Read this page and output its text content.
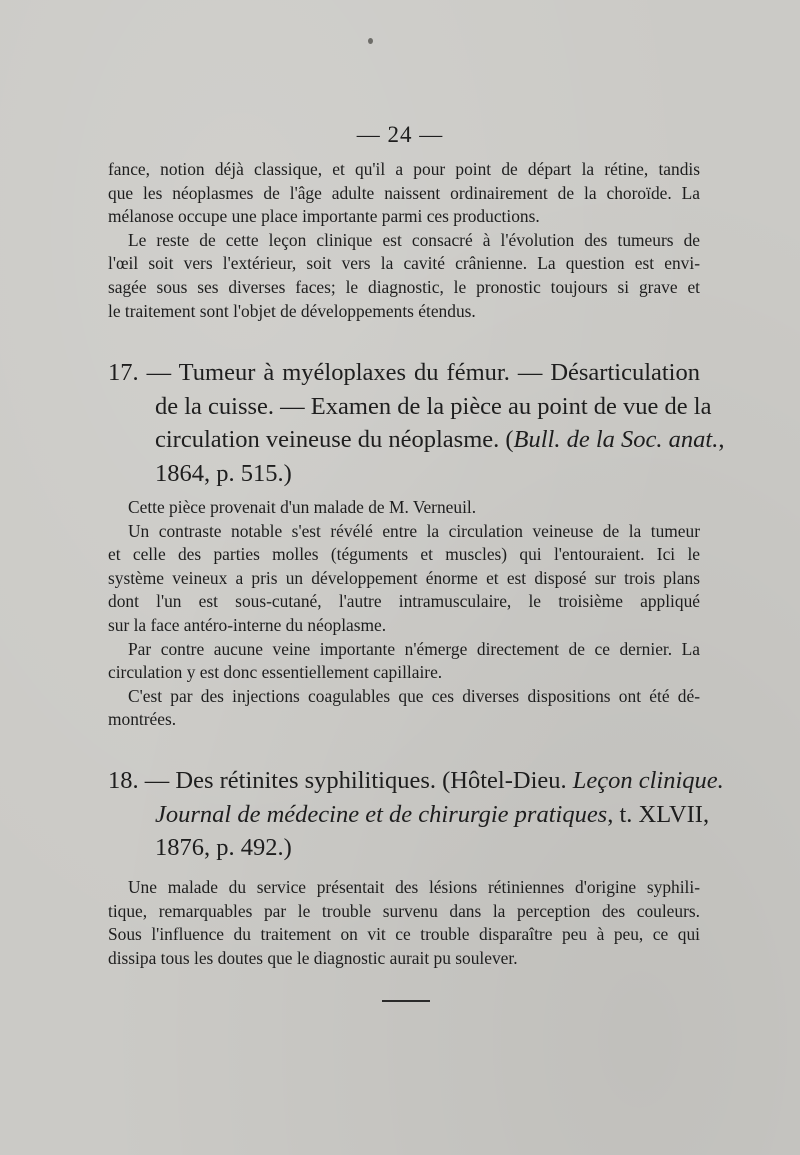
— 24 —
fance, notion déjà classique, et qu'il a pour point de départ la rétine, tandis
que les néoplasmes de l'âge adulte naissent ordinairement de la choroïde. La
mélanose occupe une place importante parmi ces productions.
Le reste de cette leçon clinique est consacré à l'évolution des tumeurs de
l'œil soit vers l'extérieur, soit vers la cavité crânienne. La question est envi-
sagée sous ses diverses faces; le diagnostic, le pronostic toujours si grave et
le traitement sont l'objet de développements étendus.
17. — Tumeur à myéloplaxes du fémur. — Désarticulation
de la cuisse. — Examen de la pièce au point de vue de la
circulation veineuse du néoplasme. (Bull. de la Soc. anat.,
1864, p. 515.)
Cette pièce provenait d'un malade de M. Verneuil.
Un contraste notable s'est révélé entre la circulation veineuse de la tumeur
et celle des parties molles (téguments et muscles) qui l'entouraient. Ici le
système veineux a pris un développement énorme et est disposé sur trois plans
dont l'un est sous-cutané, l'autre intramusculaire, le troisième appliqué
sur la face antéro-interne du néoplasme.
Par contre aucune veine importante n'émerge directement de ce dernier. La
circulation y est donc essentiellement capillaire.
C'est par des injections coagulables que ces diverses dispositions ont été dé-
montrées.
18. — Des rétinites syphilitiques. (Hôtel-Dieu. Leçon clinique.
Journal de médecine et de chirurgie pratiques, t. XLVII,
1876, p. 492.)
Une malade du service présentait des lésions rétiniennes d'origine syphili-
tique, remarquables par le trouble survenu dans la perception des couleurs.
Sous l'influence du traitement on vit ce trouble disparaître peu à peu, ce qui
dissipa tous les doutes que le diagnostic aurait pu soulever.
